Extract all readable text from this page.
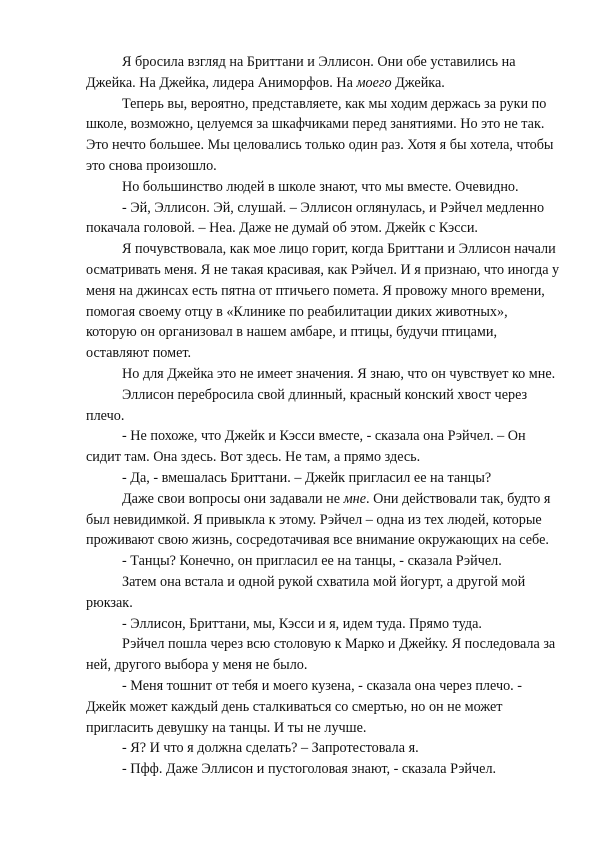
Я бросила взгляд на Бриттани и Эллисон. Они обе уставились на Джейка. На Джейка, лидера Аниморфов. На моего Джейка.

Теперь вы, вероятно, представляете, как мы ходим держась за руки по школе, возможно, целуемся за шкафчиками перед занятиями. Но это не так. Это нечто большее. Мы целовались только один раз. Хотя я бы хотела, чтобы это снова произошло.

Но большинство людей в школе знают, что мы вместе. Очевидно.

- Эй, Эллисон. Эй, слушай. – Эллисон оглянулась, и Рэйчел медленно покачала головой. – Неа. Даже не думай об этом. Джейк с Кэсси.

Я почувствовала, как мое лицо горит, когда Бриттани и Эллисон начали осматривать меня. Я не такая красивая, как Рэйчел. И я признаю, что иногда у меня на джинсах есть пятна от птичьего помета. Я провожу много времени, помогая своему отцу в «Клинике по реабилитации диких животных», которую он организовал в нашем амбаре, и птицы, будучи птицами, оставляют помет.

Но для Джейка это не имеет значения. Я знаю, что он чувствует ко мне.

Эллисон перебросила свой длинный, красный конский хвост через плечо.

- Не похоже, что Джейк и Кэсси вместе, - сказала она Рэйчел. – Он сидит там. Она здесь. Вот здесь. Не там, а прямо здесь.

- Да, - вмешалась Бриттани. – Джейк пригласил ее на танцы?

Даже свои вопросы они задавали не мне. Они действовали так, будто я был невидимкой. Я привыкла к этому. Рэйчел – одна из тех людей, которые проживают свою жизнь, сосредотачивая все внимание окружающих на себе.

- Танцы? Конечно, он пригласил ее на танцы, - сказала Рэйчел.

Затем она встала и одной рукой схватила мой йогурт, а другой мой рюкзак.

- Эллисон, Бриттани, мы, Кэсси и я, идем туда. Прямо туда.

Рэйчел пошла через всю столовую к Марко и Джейку. Я последовала за ней, другого выбора у меня не было.

- Меня тошнит от тебя и моего кузена, - сказала она через плечо. - Джейк может каждый день сталкиваться со смертью, но он не может пригласить девушку на танцы. И ты не лучше.

- Я? И что я должна сделать? – Запротестовала я.

- Пфф. Даже Эллисон и пустоголовая знают, - сказала Рэйчел.
